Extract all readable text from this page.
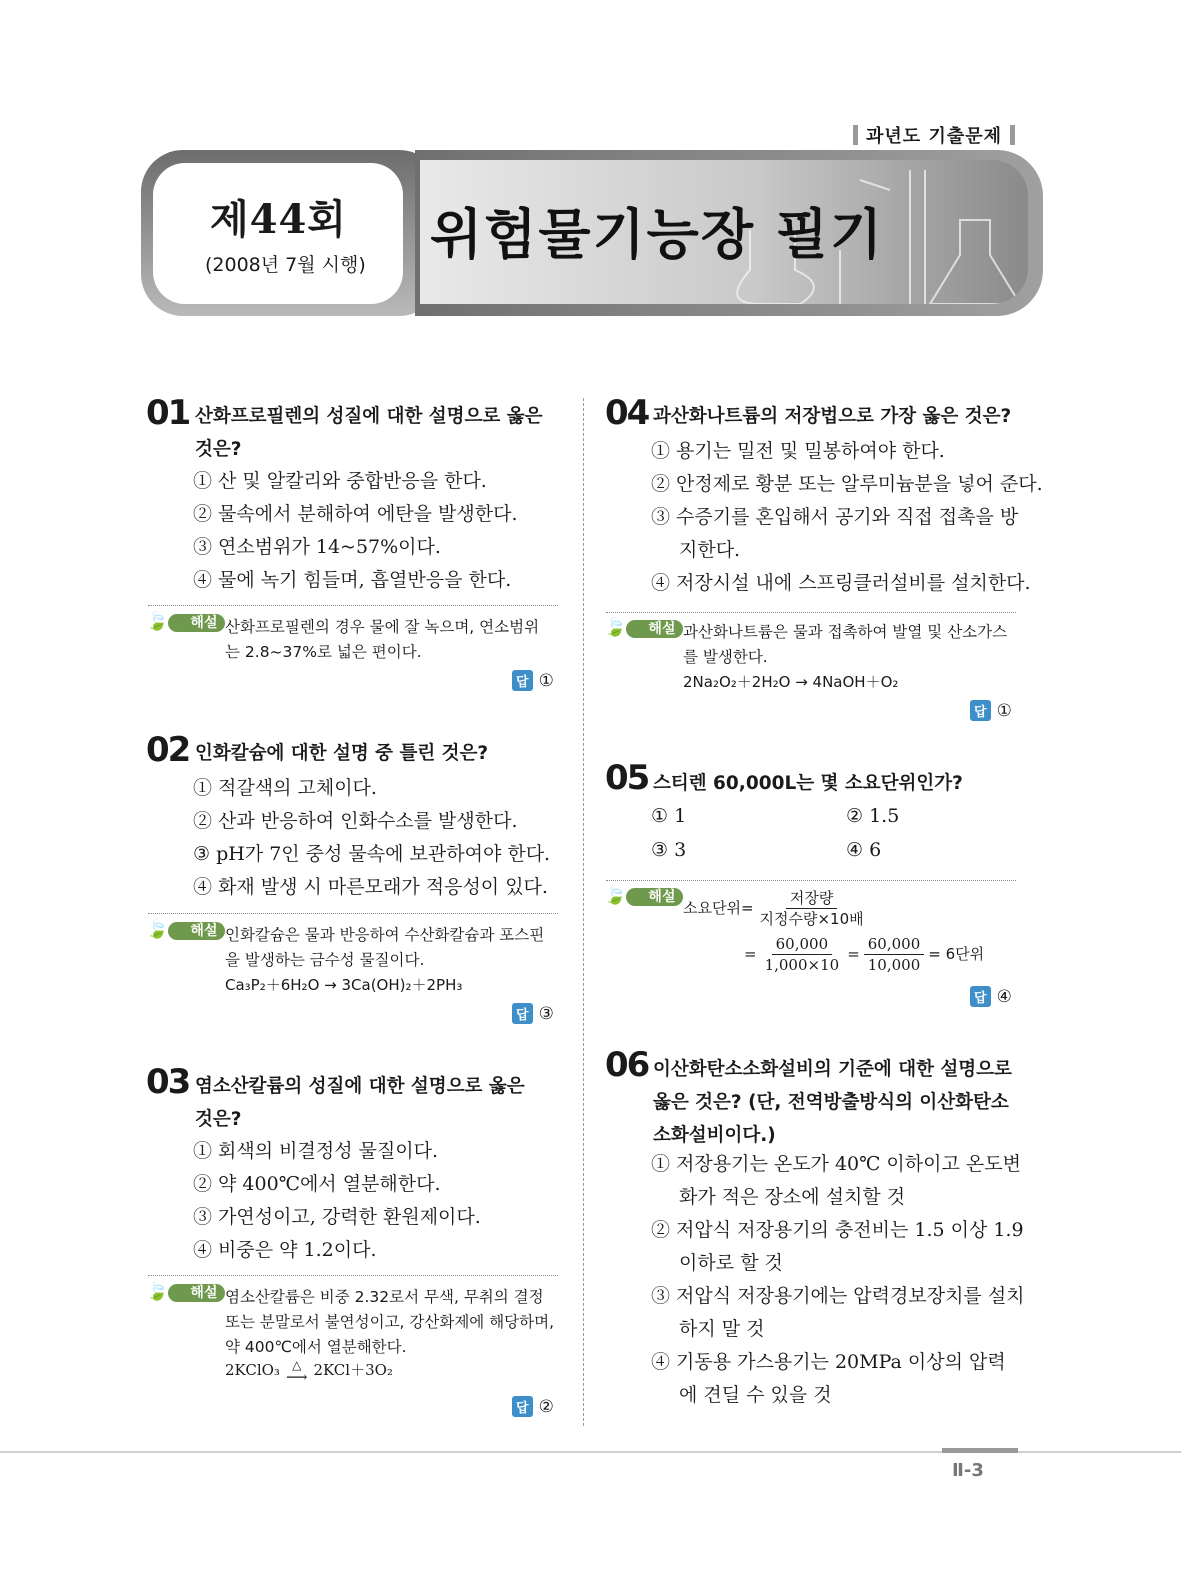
과년도 기출문제
제44회
(2008년 7월 시행) 위험물기능장 필기
01 산화프로필렌의 성질에 대한 설명으로 옳은
것은?
① 산 및 알칼리와 중합반응을 한다.
② 물속에서 분해하여 에탄을 발생한다.
③ 연소범위가 14~57%이다.
④ 물에 녹기 힘들며, 흡열반응을 한다.
🍃 해설 산화프로필렌의 경우 물에 잘 녹으며, 연소범위
는 2.8~37%로 넓은 편이다.
답 ①
02 인화칼슘에 대한 설명 중 틀린 것은?
① 적갈색의 고체이다.
② 산과 반응하여 인화수소를 발생한다.
③ pH가 7인 중성 물속에 보관하여야 한다.
④ 화재 발생 시 마른모래가 적응성이 있다.
🍃 해설 인화칼슘은 물과 반응하여 수산화칼슘과 포스핀
을 발생하는 금수성 물질이다.
Ca₃P₂＋6H₂O → 3Ca(OH)₂＋2PH₃
답 ③
03 염소산칼륨의 성질에 대한 설명으로 옳은
것은?
① 회색의 비결정성 물질이다.
② 약 400℃에서 열분해한다.
③ 가연성이고, 강력한 환원제이다.
④ 비중은 약 1.2이다.
🍃 해설 염소산칼륨은 비중 2.32로서 무색, 무취의 결정
또는 분말로서 불연성이고, 강산화제에 해당하며,
약 400℃에서 열분해한다.
2KClO₃ △
⟶ 2KCl＋3O₂
답 ②
04 과산화나트륨의 저장법으로 가장 옳은 것은?
① 용기는 밀전 및 밀봉하여야 한다.
② 안정제로 황분 또는 알루미늄분을 넣어 준다.
③ 수증기를 혼입해서 공기와 직접 접촉을 방
지한다.
④ 저장시설 내에 스프링클러설비를 설치한다.
🍃 해설 과산화나트륨은 물과 접촉하여 발열 및 산소가스
를 발생한다.
2Na₂O₂＋2H₂O → 4NaOH＋O₂
답 ①
05 스티렌 60,000L는 몇 소요단위인가?
① 1	② 1.5
③ 3	④ 6
🍃 해설
소요단위= $\frac{\text{저장량}}{\text{지정수량×10배}}$
= $\frac{60,000}{1,000\times 10} = \frac{60,000}{10,000} = 6$단위
답 ④
06 이산화탄소소화설비의 기준에 대한 설명으로
옳은 것은? (단, 전역방출방식의 이산화탄소
소화설비이다.)
① 저장용기는 온도가 40℃ 이하이고 온도변
화가 적은 장소에 설치할 것
② 저압식 저장용기의 충전비는 1.5 이상 1.9
이하로 할 것
③ 저압식 저장용기에는 압력경보장치를 설치
하지 말 것
④ 기동용 가스용기는 20MPa 이상의 압력
에 견딜 수 있을 것
Ⅱ-3
